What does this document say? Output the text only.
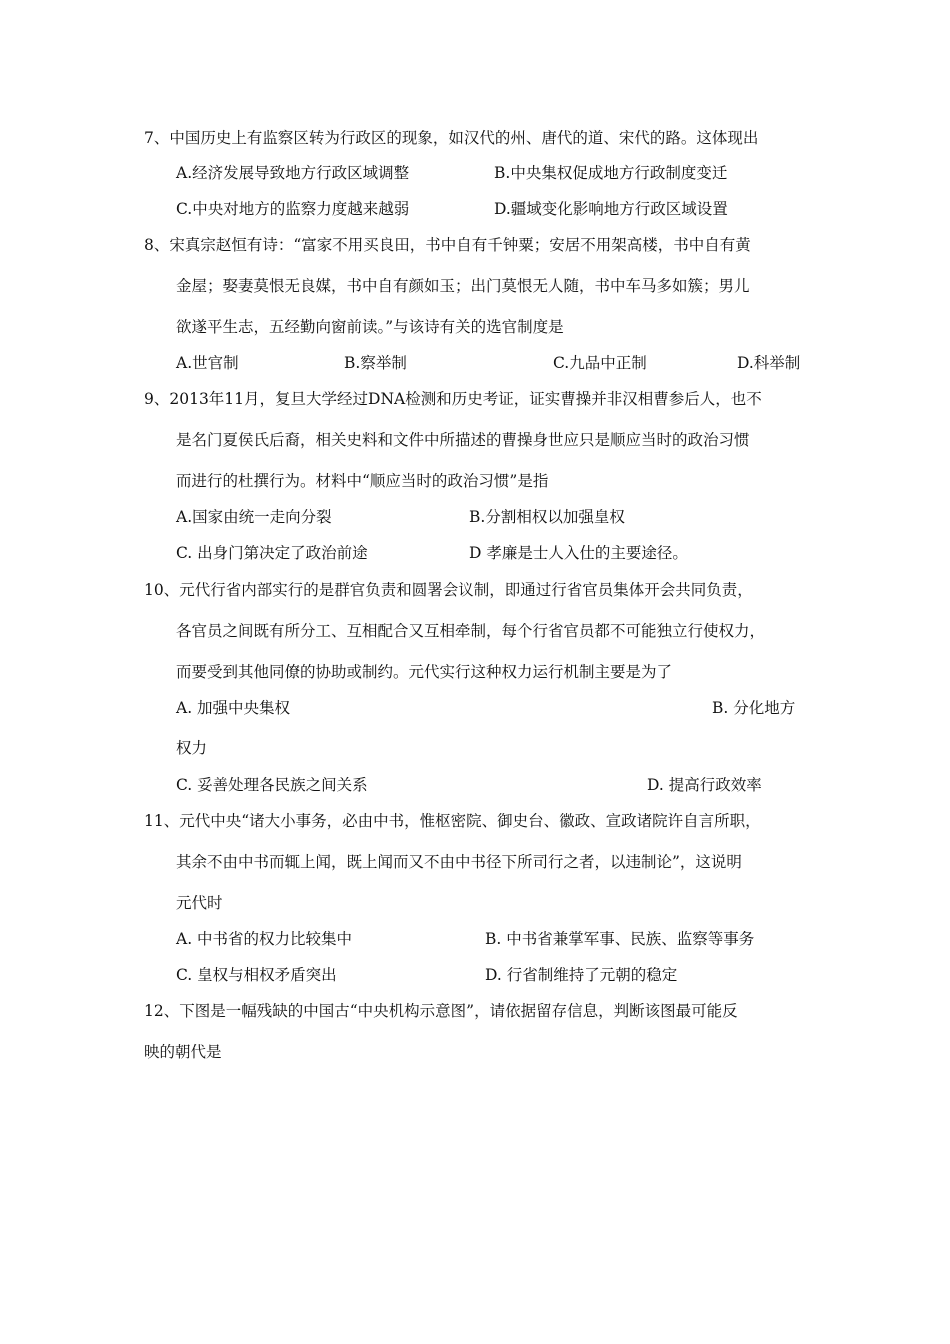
7、中国历史上有监察区转为行政区的现象，如汉代的州、唐代的道、宋代的路。这体现出
A.经济发展导致地方行政区域调整	B.中央集权促成地方行政制度变迁
C.中央对地方的监察力度越来越弱	D.疆域变化影响地方行政区域设置
8、宋真宗赵恒有诗：“富家不用买良田，书中自有千钟粟；安居不用架高楼，书中自有黄
金屋；娶妻莫恨无良媒，书中自有颜如玉；出门莫恨无人随，书中车马多如簇；男儿
欲遂平生志，五经勤向窗前读。”与该诗有关的选官制度是
A.世官制	B.察举制	C.九品中正制	D.科举制
9、2013年11月，复旦大学经过DNA检测和历史考证，证实曹操并非汉相曹参后人，也不
是名门夏侯氏后裔，相关史料和文件中所描述的曹操身世应只是顺应当时的政治习惯
而进行的杜撰行为。材料中“顺应当时的政治习惯”是指
A.国家由统一走向分裂	B.分割相权以加强皇权
C. 出身门第决定了政治前途	D 孝廉是士人入仕的主要途径。
10、元代行省内部实行的是群官负责和圆署会议制，即通过行省官员集体开会共同负责，
各官员之间既有所分工、互相配合又互相牵制，每个行省官员都不可能独立行使权力，
而要受到其他同僚的协助或制约。元代实行这种权力运行机制主要是为了
A. 加强中央集权	B. 分化地方
权力
C. 妥善处理各民族之间关系	D. 提高行政效率
11、元代中央“诸大小事务，必由中书，惟枢密院、御史台、徽政、宣政诸院许自言所职，
其余不由中书而辄上闻，既上闻而又不由中书径下所司行之者，以违制论”，这说明
元代时
A. 中书省的权力比较集中	B. 中书省兼掌军事、民族、监察等事务
C. 皇权与相权矛盾突出	D. 行省制维持了元朝的稳定
12、下图是一幅残缺的中国古“中央机构示意图”，请依据留存信息，判断该图最可能反
映的朝代是
